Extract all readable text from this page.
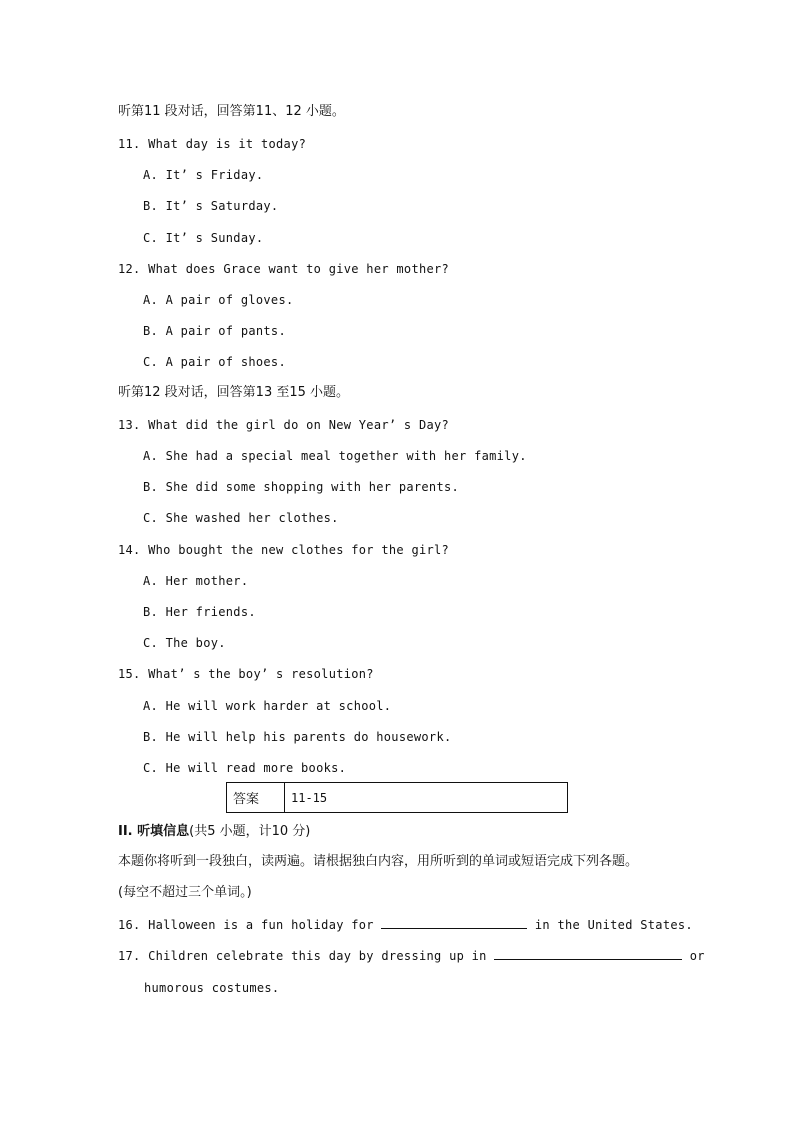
听第11 段对话，回答第11、12 小题。
11. What day is it today?
A. It’ s Friday.
B. It’ s Saturday.
C. It’ s Sunday.
12. What does Grace want to give her mother?
A. A pair of gloves.
B. A pair of pants.
C. A pair of shoes.
听第12 段对话，回答第13 至15 小题。
13. What did the girl do on New Year’ s Day?
A. She had a special meal together with her family.
B. She did some shopping with her parents.
C. She washed her clothes.
14. Who bought the new clothes for the girl?
A. Her mother.
B. Her friends.
C. The boy.
15. What’ s the boy’ s resolution?
A. He will work harder at school.
B. He will help his parents do housework.
C. He will read more books.
答案	11-15
II. 听填信息(共5 小题，计10 分)
本题你将听到一段独白，读两遍。请根据独白内容，用所听到的单词或短语完成下列各题。
(每空不超过三个单词。)
16. Halloween is a fun holiday for	in the United States.
17. Children celebrate this day by dressing up in	or
humorous costumes.
